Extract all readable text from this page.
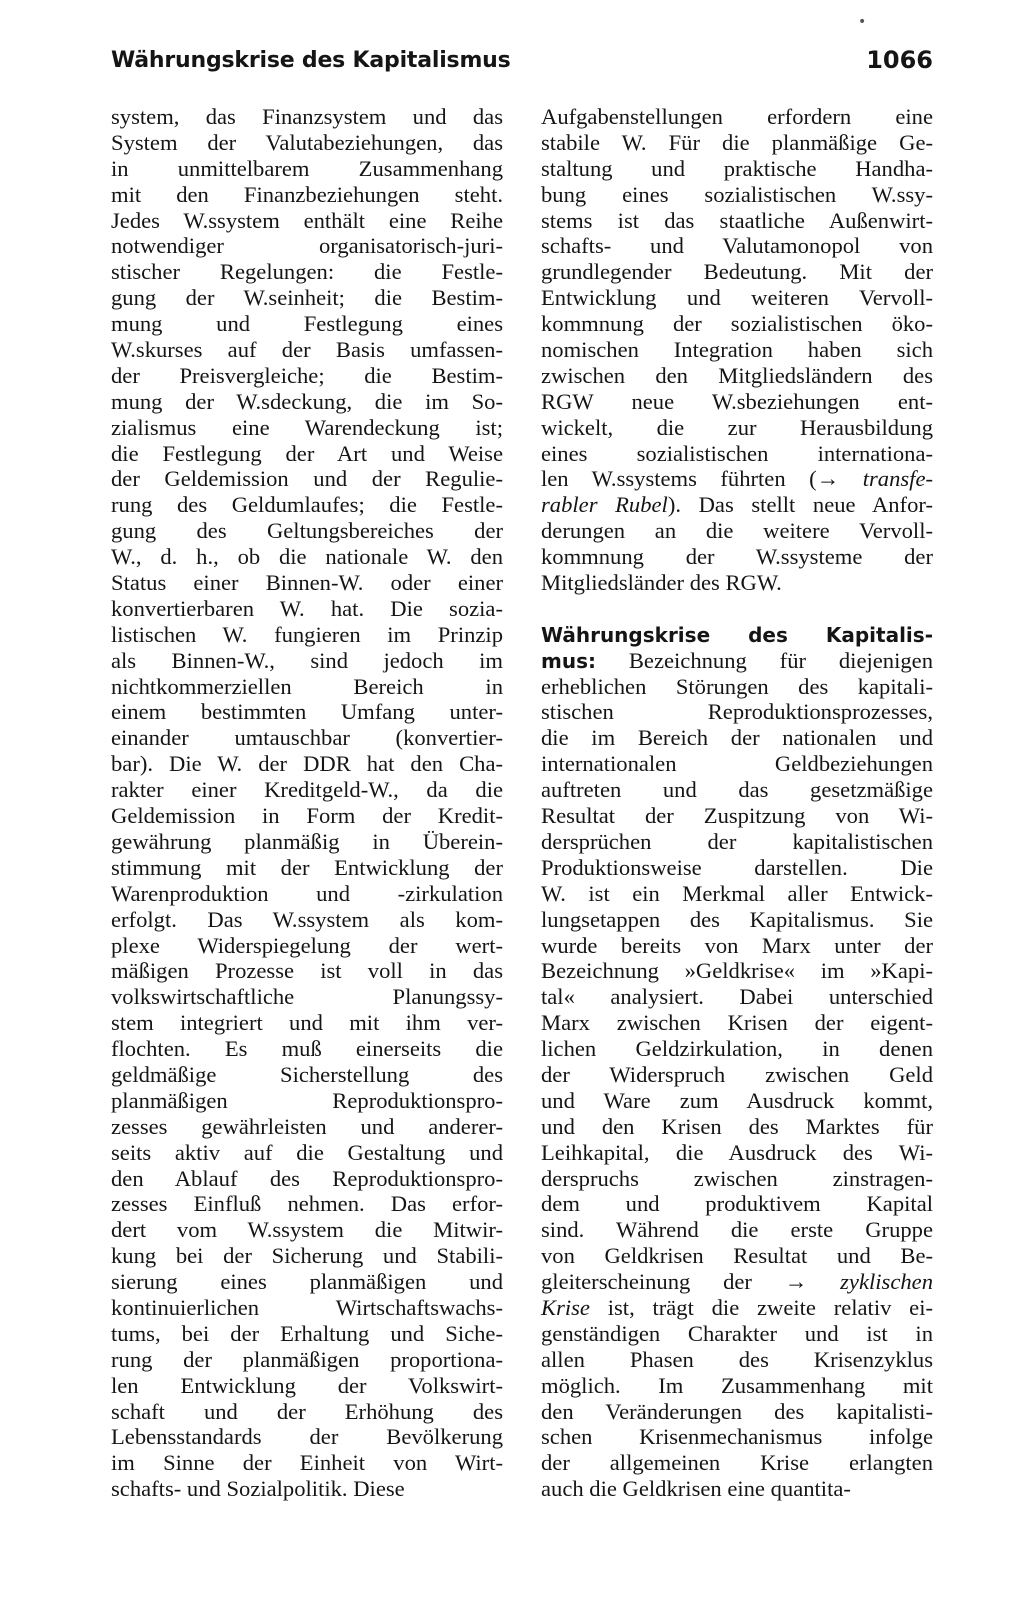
Währungskrise des Kapitalismus	1066
•
system, das Finanzsystem und das
System der Valutabeziehungen, das
in unmittelbarem Zusammenhang
mit den Finanzbeziehungen steht.
Jedes W.ssystem enthält eine Reihe
notwendiger organisatorisch-juri-
stischer Regelungen: die Festle-
gung der W.seinheit; die Bestim-
mung und Festlegung eines
W.skurses auf der Basis umfassen-
der Preisvergleiche; die Bestim-
mung der W.sdeckung, die im So-
zialismus eine Warendeckung ist;
die Festlegung der Art und Weise
der Geldemission und der Regulie-
rung des Geldumlaufes; die Festle-
gung des Geltungsbereiches der
W., d. h., ob die nationale W. den
Status einer Binnen-W. oder einer
konvertierbaren W. hat. Die sozia-
listischen W. fungieren im Prinzip
als Binnen-W., sind jedoch im
nichtkommerziellen Bereich in
einem bestimmten Umfang unter-
einander umtauschbar (konvertier-
bar). Die W. der DDR hat den Cha-
rakter einer Kreditgeld-W., da die
Geldemission in Form der Kredit-
gewährung planmäßig in Überein-
stimmung mit der Entwicklung der
Warenproduktion und -zirkulation
erfolgt. Das W.ssystem als kom-
plexe Widerspiegelung der wert-
mäßigen Prozesse ist voll in das
volkswirtschaftliche Planungssy-
stem integriert und mit ihm ver-
flochten. Es muß einerseits die
geldmäßige Sicherstellung des
planmäßigen Reproduktionspro-
zesses gewährleisten und anderer-
seits aktiv auf die Gestaltung und
den Ablauf des Reproduktionspro-
zesses Einfluß nehmen. Das erfor-
dert vom W.ssystem die Mitwir-
kung bei der Sicherung und Stabili-
sierung eines planmäßigen und
kontinuierlichen Wirtschaftswachs-
tums, bei der Erhaltung und Siche-
rung der planmäßigen proportiona-
len Entwicklung der Volkswirt-
schaft und der Erhöhung des
Lebensstandards der Bevölkerung
im Sinne der Einheit von Wirt-
schafts- und Sozialpolitik. Diese
Aufgabenstellungen erfordern eine
stabile W. Für die planmäßige Ge-
staltung und praktische Handha-
bung eines sozialistischen W.ssy-
stems ist das staatliche Außenwirt-
schafts- und Valutamonopol von
grundlegender Bedeutung. Mit der
Entwicklung und weiteren Vervoll-
kommnung der sozialistischen öko-
nomischen Integration haben sich
zwischen den Mitgliedsländern des
RGW neue W.sbeziehungen ent-
wickelt, die zur Herausbildung
eines sozialistischen internationa-
len W.ssystems führten (→ transfe-
rabler Rubel). Das stellt neue Anfor-
derungen an die weitere Vervoll-
kommnung der W.ssysteme der
Mitgliedsländer des RGW.
Währungskrise des Kapitalis-
mus: Bezeichnung für diejenigen
erheblichen Störungen des kapitali-
stischen Reproduktionsprozesses,
die im Bereich der nationalen und
internationalen Geldbeziehungen
auftreten und das gesetzmäßige
Resultat der Zuspitzung von Wi-
dersprüchen der kapitalistischen
Produktionsweise darstellen. Die
W. ist ein Merkmal aller Entwick-
lungsetappen des Kapitalismus. Sie
wurde bereits von Marx unter der
Bezeichnung »Geldkrise« im »Kapi-
tal« analysiert. Dabei unterschied
Marx zwischen Krisen der eigent-
lichen Geldzirkulation, in denen
der Widerspruch zwischen Geld
und Ware zum Ausdruck kommt,
und den Krisen des Marktes für
Leihkapital, die Ausdruck des Wi-
derspruchs zwischen zinstragen-
dem und produktivem Kapital
sind. Während die erste Gruppe
von Geldkrisen Resultat und Be-
gleiterscheinung der → zyklischen
Krise ist, trägt die zweite relativ ei-
genständigen Charakter und ist in
allen Phasen des Krisenzyklus
möglich. Im Zusammenhang mit
den Veränderungen des kapitalisti-
schen Krisenmechanismus infolge
der allgemeinen Krise erlangten
auch die Geldkrisen eine quantita-
